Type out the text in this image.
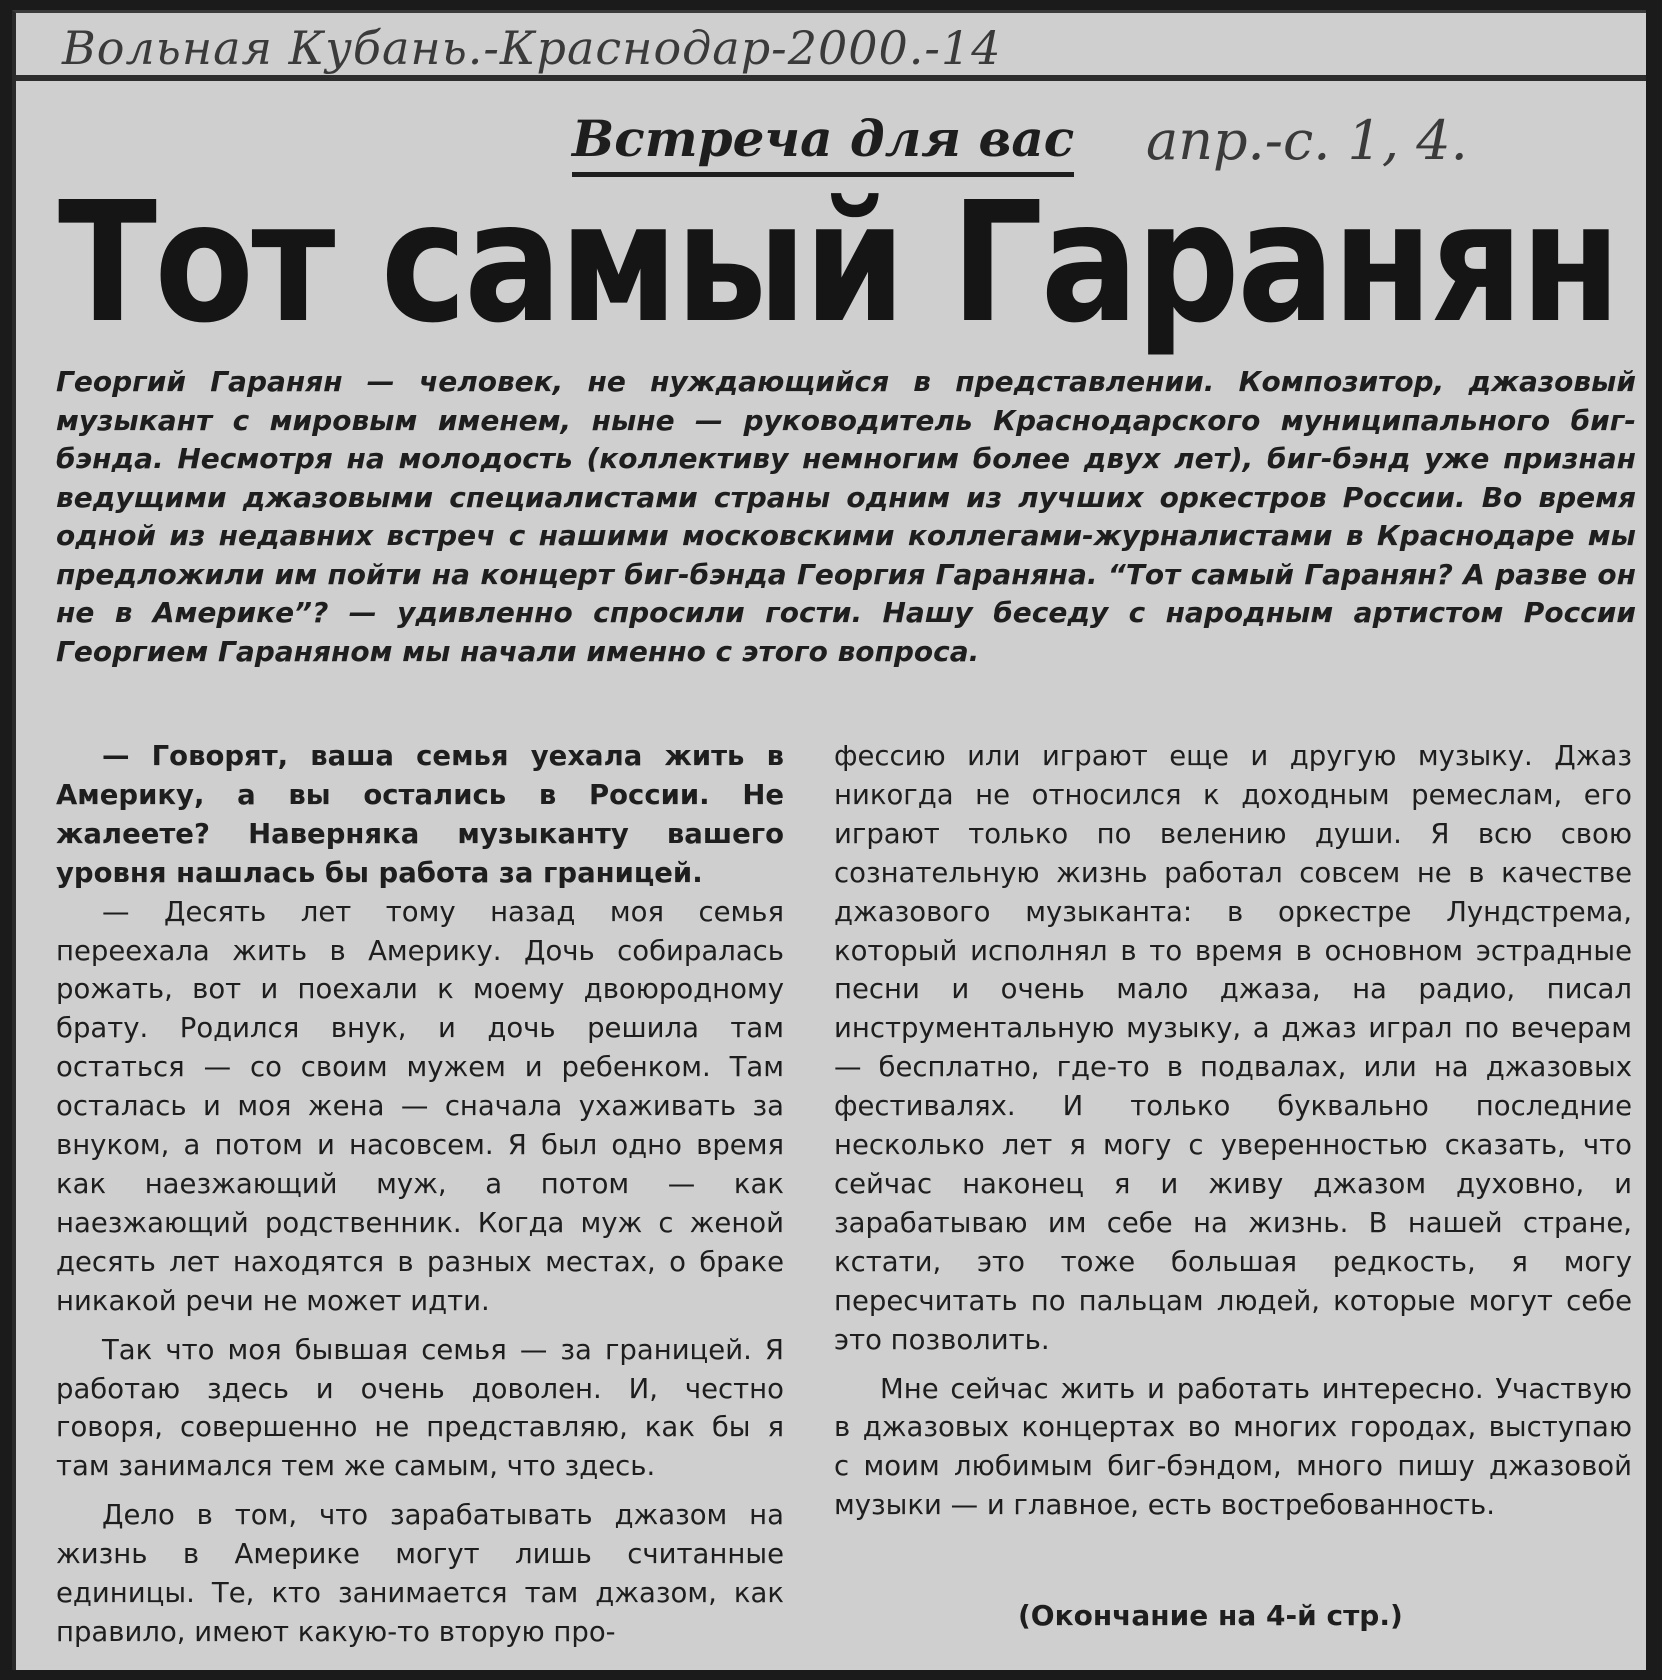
Вольная Кубань.-Краснодар-2000.-14
Встреча для вас апр.-с. 1, 4.
Тот самый Гаранян

Георгий Гаранян — человек, не нуждающийся в представлении. Композитор, джазовый музыкант с мировым именем, ныне — руководитель Краснодарского муниципального биг-бэнда. Несмотря на молодость (коллективу немногим более двух лет), биг-бэнд уже признан ведущими джазовыми специалистами страны одним из лучших оркестров России. Во время одной из недавних встреч с нашими московскими коллегами-журналистами в Краснодаре мы предложили им пойти на концерт биг-бэнда Георгия Гараняна. “Тот самый Гаранян? А разве он не в Америке”? — удивленно спросили гости. Нашу беседу с народным артистом России Георгием Гараняном мы начали именно с этого вопроса.

— Говорят, ваша семья уехала жить в Америку, а вы остались в России. Не жалеете? Наверняка музыканту вашего уровня нашлась бы работа за границей.

— Десять лет тому назад моя семья переехала жить в Америку. Дочь собиралась рожать, вот и поехали к моему двоюродному брату. Родился внук, и дочь решила там остаться — со своим мужем и ребенком. Там осталась и моя жена — сначала ухаживать за внуком, а потом и насовсем. Я был одно время как наезжающий муж, а потом — как наезжающий родственник. Когда муж с женой десять лет находятся в разных местах, о браке никакой речи не может идти.

Так что моя бывшая семья — за границей. Я работаю здесь и очень доволен. И, честно говоря, совершенно не представляю, как бы я там занимался тем же самым, что здесь.

Дело в том, что зарабатывать джазом на жизнь в Америке могут лишь считанные единицы. Те, кто занимается там джазом, как правило, имеют какую-то вторую про-

фессию или играют еще и другую музыку. Джаз никогда не относился к доходным ремеслам, его играют только по велению души. Я всю свою сознательную жизнь работал совсем не в качестве джазового музыканта: в оркестре Лундстрема, который исполнял в то время в основном эстрадные песни и очень мало джаза, на радио, писал инструментальную музыку, а джаз играл по вечерам — бесплатно, где-то в подвалах, или на джазовых фестивалях. И только буквально последние несколько лет я могу с уверенностью сказать, что сейчас наконец я и живу джазом духовно, и зарабатываю им себе на жизнь. В нашей стране, кстати, это тоже большая редкость, я могу пересчитать по пальцам людей, которые могут себе это позволить.

Мне сейчас жить и работать интересно. Участвую в джазовых концертах во многих городах, выступаю с моим любимым биг-бэндом, много пишу джазовой музыки — и главное, есть востребованность.

(Окончание на 4-й стр.)
